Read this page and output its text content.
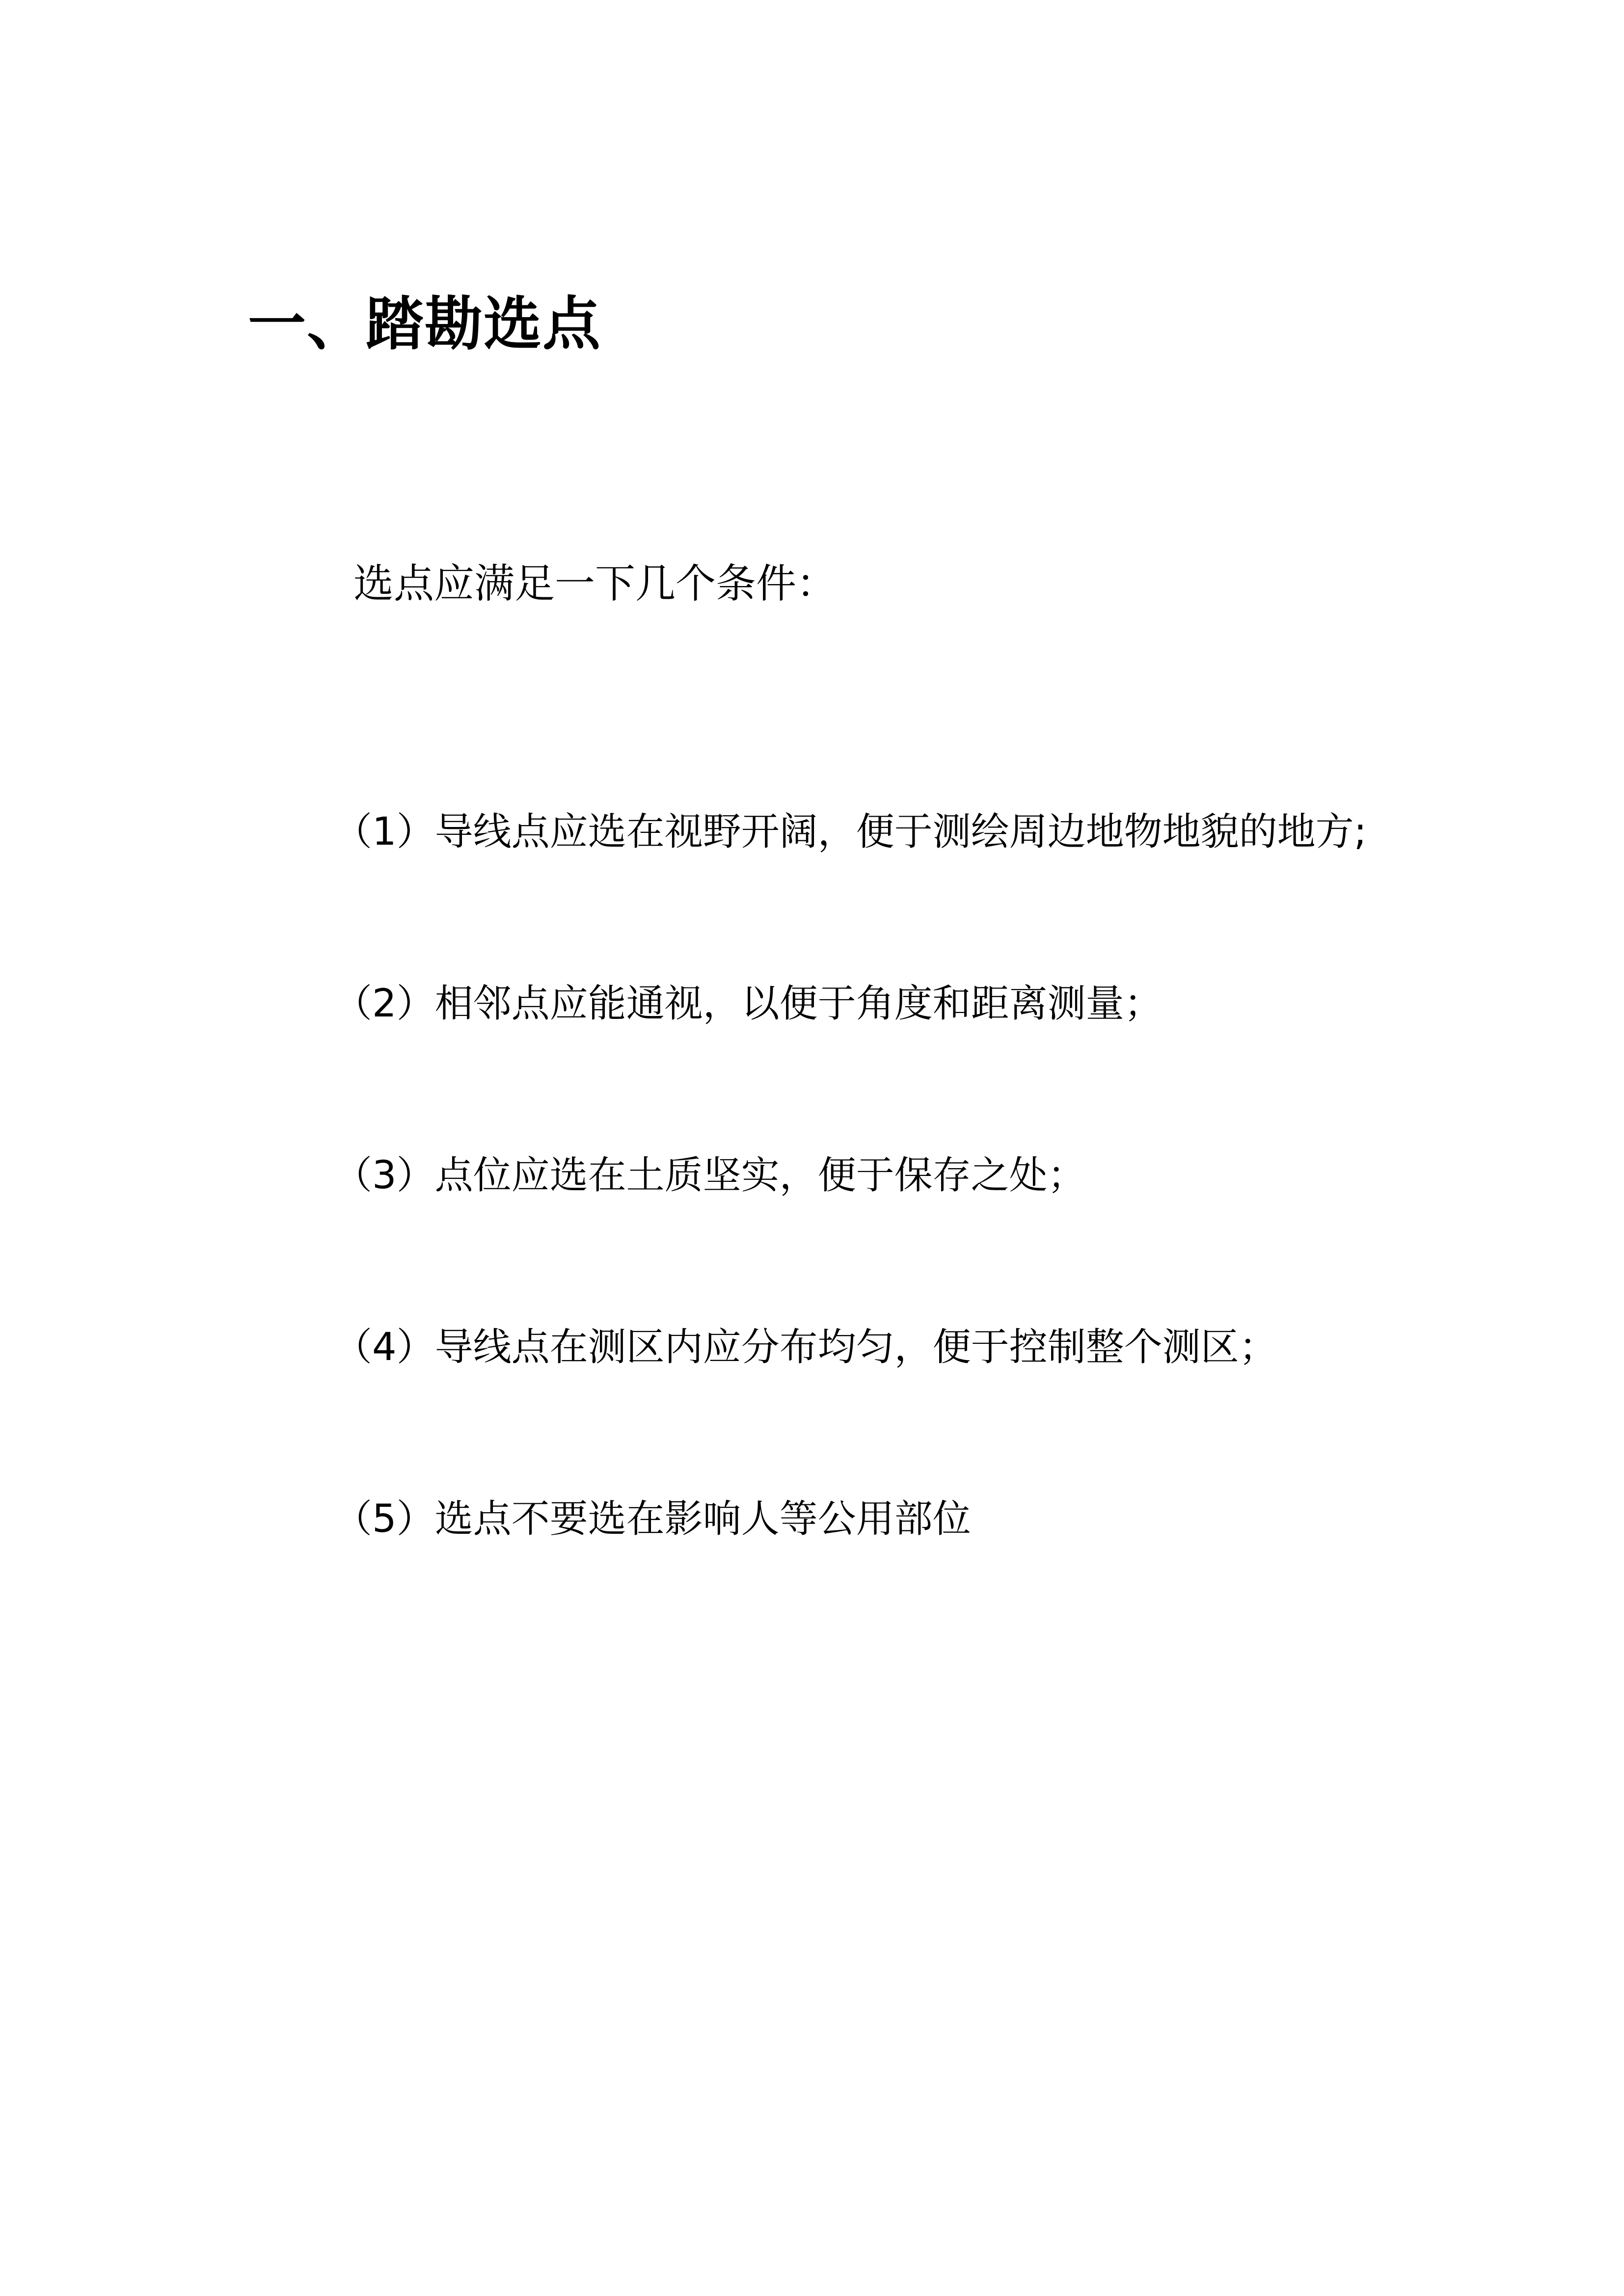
一、踏勘选点

选点应满足一下几个条件：

（1）导线点应选在视野开阔，便于测绘周边地物地貌的地方;
（2）相邻点应能通视，以便于角度和距离测量；
（3）点位应选在土质坚实，便于保存之处；
（4）导线点在测区内应分布均匀，便于控制整个测区；
（5）选点不要选在影响人等公用部位
